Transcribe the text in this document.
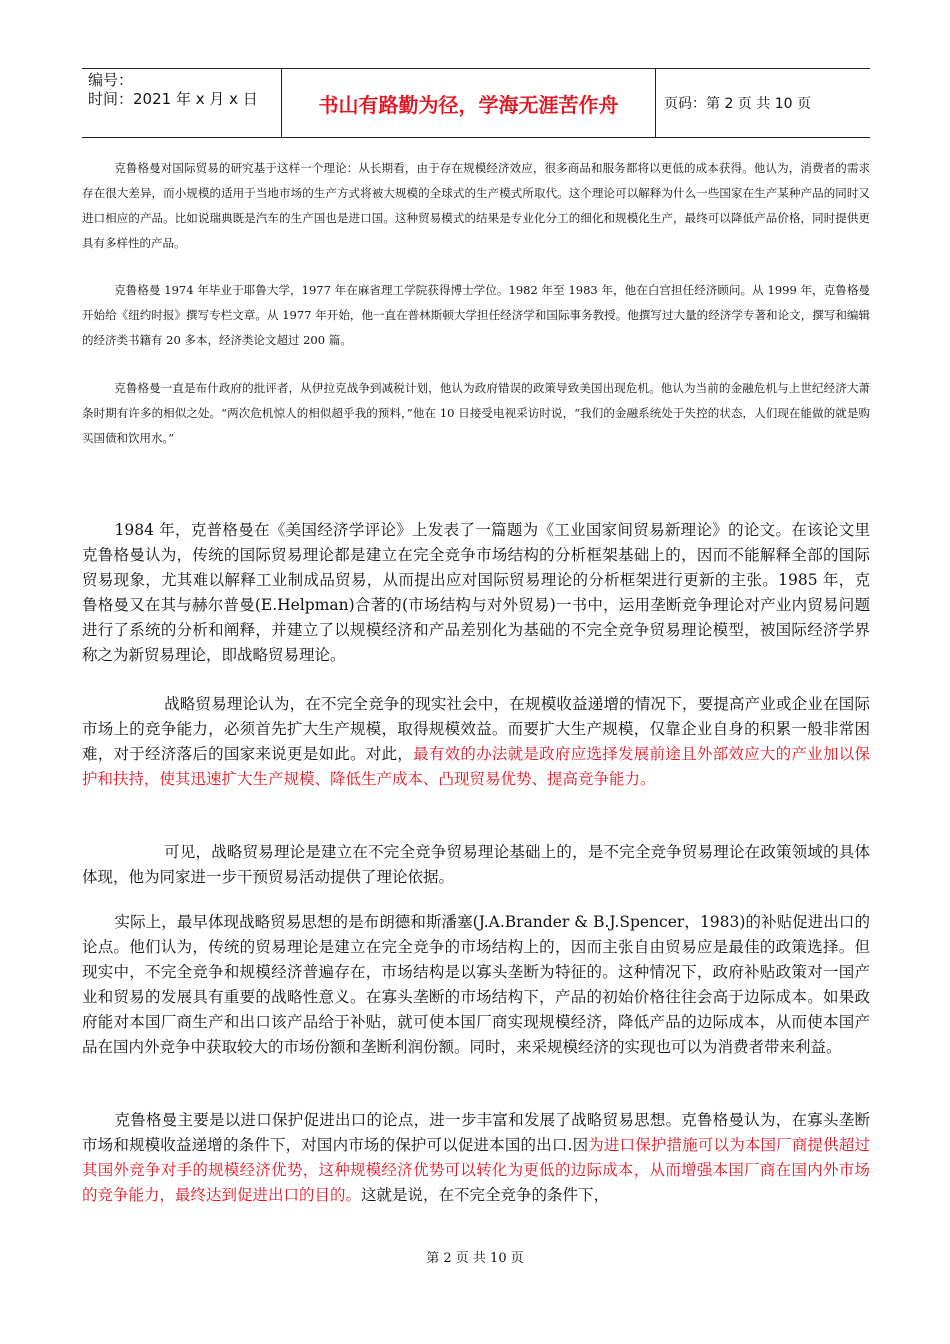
编号：
时间：2021 年 x 月 x 日	书山有路勤为径，学海无涯苦作舟	页码：第 2 页 共 10 页

克鲁格曼对国际贸易的研究基于这样一个理论：从长期看，由于存在规模经济效应，很多商品和服务都将以更低的成本获得。他认为，消费者的需求存在很大差异，而小规模的适用于当地市场的生产方式将被大规模的全球式的生产模式所取代。这个理论可以解释为什么一些国家在生产某种产品的同时又进口相应的产品。比如说瑞典既是汽车的生产国也是进口国。这种贸易模式的结果是专业化分工的细化和规模化生产，最终可以降低产品价格，同时提供更具有多样性的产品。

克鲁格曼 1974 年毕业于耶鲁大学，1977 年在麻省理工学院获得博士学位。1982 年至 1983 年，他在白宫担任经济顾问。从 1999 年，克鲁格曼开始给《纽约时报》撰写专栏文章。从 1977 年开始，他一直在普林斯顿大学担任经济学和国际事务教授。他撰写过大量的经济学专著和论文，撰写和编辑的经济类书籍有 20 多本，经济类论文超过 200 篇。

克鲁格曼一直是布什政府的批评者，从伊拉克战争到减税计划，他认为政府错误的政策导致美国出现危机。他认为当前的金融危机与上世纪经济大萧条时期有许多的相似之处。“两次危机惊人的相似超乎我的预料，”他在 10 日接受电视采访时说，“我们的金融系统处于失控的状态，人们现在能做的就是购买国债和饮用水。”

1984 年，克普格曼在《美国经济学评论》上发表了一篇题为《工业国家间贸易新理论》的论文。在该论文里克鲁格曼认为，传统的国际贸易理论都是建立在完全竞争市场结构的分析框架基础上的，因而不能解释全部的国际贸易现象，尤其难以解释工业制成品贸易，从而提出应对国际贸易理论的分析框架进行更新的主张。1985 年，克鲁格曼又在其与赫尔普曼(E.Helpman)合著的(市场结构与对外贸易)一书中，运用垄断竞争理论对产业内贸易问题进行了系统的分析和阐释，并建立了以规模经济和产品差别化为基础的不完全竞争贸易理论模型，被国际经济学界称之为新贸易理论，即战略贸易理论。

战略贸易理论认为，在不完全竞争的现实社会中，在规模收益递增的情况下，要提高产业或企业在国际市场上的竞争能力，必须首先扩大生产规模，取得规模效益。而要扩大生产规模，仅靠企业自身的积累一般非常困难，对于经济落后的国家来说更是如此。对此，最有效的办法就是政府应选择发展前途且外部效应大的产业加以保护和扶持，使其迅速扩大生产规模、降低生产成本、凸现贸易优势、提高竞争能力。

可见，战略贸易理论是建立在不完全竞争贸易理论基础上的，是不完全竞争贸易理论在政策领域的具体体现，他为同家进一步干预贸易活动提供了理论依据。

实际上，最早体现战略贸易思想的是布朗德和斯潘塞(J.A.Brander & B.J.Spencer，1983)的补贴促进出口的论点。他们认为，传统的贸易理论是建立在完全竞争的市场结构上的，因而主张自由贸易应是最佳的政策选择。但现实中，不完全竞争和规模经济普遍存在，市场结构是以寡头垄断为特征的。这种情况下，政府补贴政策对一国产业和贸易的发展具有重要的战略性意义。在寡头垄断的市场结构下，产品的初始价格往往会高于边际成本。如果政府能对本国厂商生产和出口该产品给于补贴，就可使本国厂商实现规模经济，降低产品的边际成本，从而使本国产品在国内外竞争中获取较大的市场份额和垄断利润份额。同时，来采规模经济的实现也可以为消费者带来利益。

克鲁格曼主要是以进口保护促进出口的论点，进一步丰富和发展了战略贸易思想。克鲁格曼认为，在寡头垄断市场和规模收益递增的条件下，对国内市场的保护可以促进本国的出口.因为进口保护措施可以为本国厂商提供超过其国外竞争对手的规模经济优势，这种规模经济优势可以转化为更低的边际成本，从而增强本国厂商在国内外市场的竞争能力，最终达到促进出口的目的。这就是说，在不完全竞争的条件下，

第 2 页 共 10 页
